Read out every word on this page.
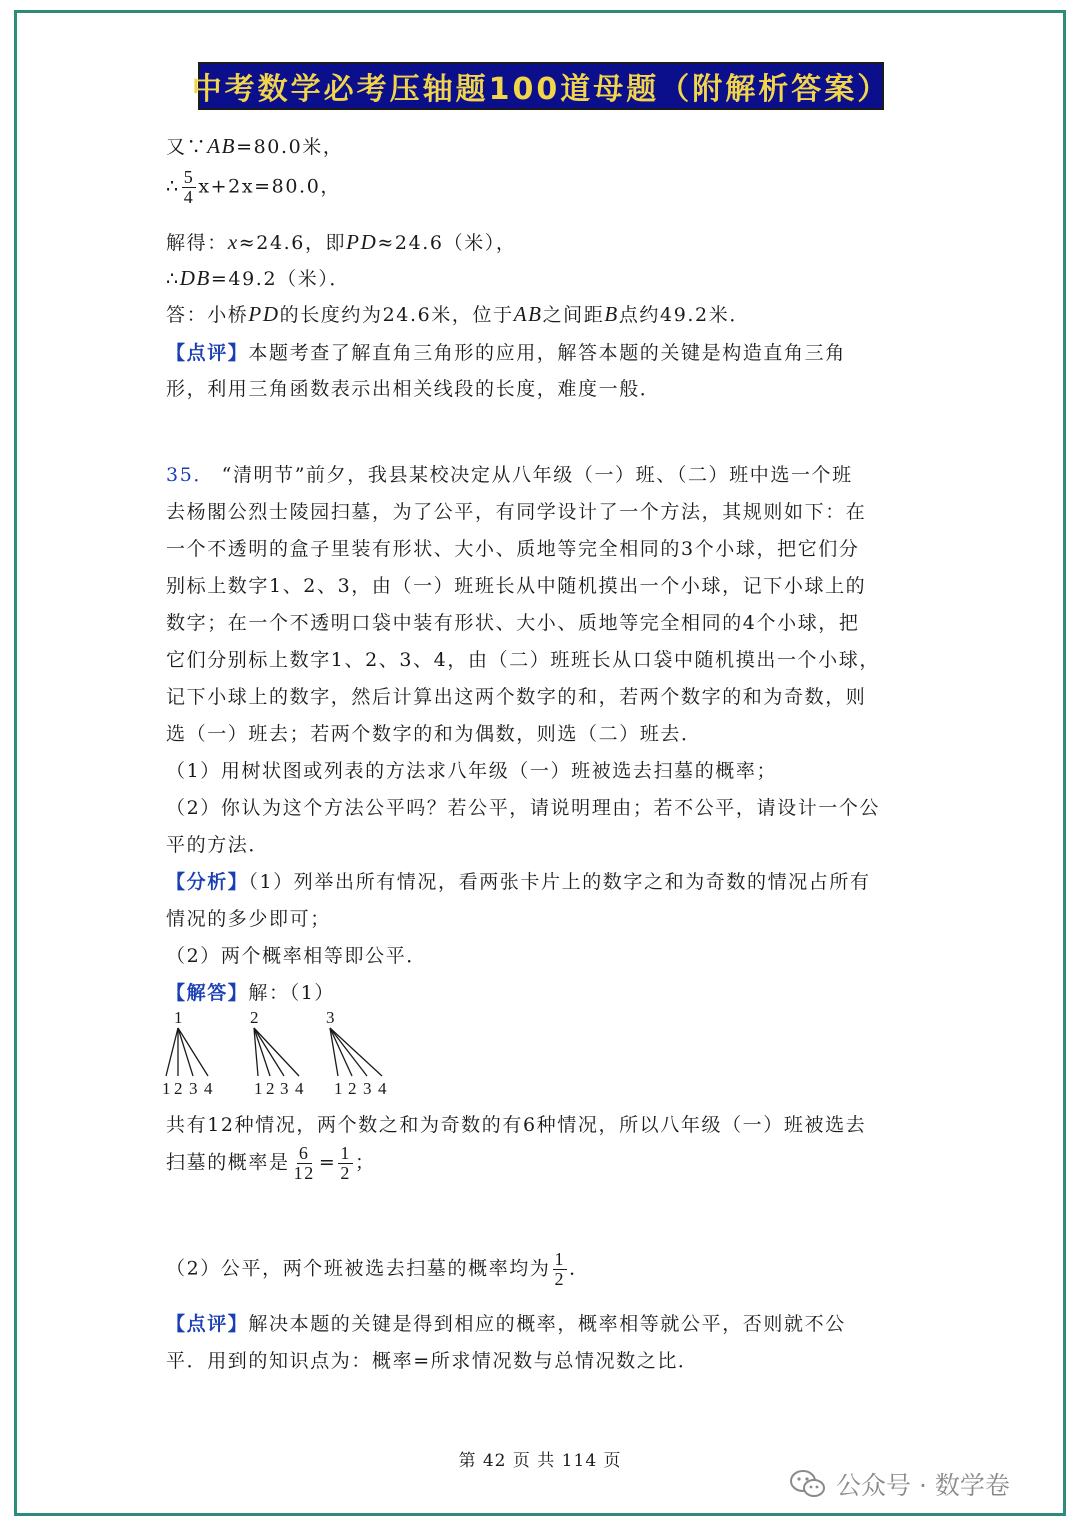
中考数学必考压轴题100道母题（附解析答案）
又∵AB=80.0米，
∴ $\frac{5}{4} x+2x=80.0$，
解得：x≈24.6，即PD≈24.6（米），
∴DB=49.2（米）．
答：小桥PD的长度约为24.6米，位于AB之间距B点约49.2米．
【点评】本题考查了解直角三角形的应用，解答本题的关键是构造直角三角
形，利用三角函数表示出相关线段的长度，难度一般．
35． “清明节”前夕，我县某校决定从八年级（一）班、（二）班中选一个班
去杨閣公烈士陵园扫墓，为了公平，有同学设计了一个方法，其规则如下：在
一个不透明的盒子里装有形状、大小、质地等完全相同的3个小球，把它们分
别标上数字1、2、3，由（一）班班长从中随机摸出一个小球，记下小球上的
数字；在一个不透明口袋中装有形状、大小、质地等完全相同的4个小球，把
它们分别标上数字1、2、3、4，由（二）班班长从口袋中随机摸出一个小球，
记下小球上的数字，然后计算出这两个数字的和，若两个数字的和为奇数，则
选（一）班去；若两个数字的和为偶数，则选（二）班去．
（1）用树状图或列表的方法求八年级（一）班被选去扫墓的概率；
（2）你认为这个方法公平吗？若公平，请说明理由；若不公平，请设计一个公
平的方法．
【分析】（1）列举出所有情况，看两张卡片上的数字之和为奇数的情况占所有
情况的多少即可；
（2）两个概率相等即公平．
【解答】解：（1）
1
1 2 3 4
2
1 2 3 4
3
1 2 3 4
共有12种情况，两个数之和为奇数的有6种情况，所以八年级（一）班被选去
扫墓的概率是 $\frac{6}{12} = \frac{1}{2}$ ；
（2）公平，两个班被选去扫墓的概率均为 $\frac{1}{2}$ ．
【点评】解决本题的关键是得到相应的概率，概率相等就公平，否则就不公
平．用到的知识点为：概率=所求情况数与总情况数之比．
第 42 页 共 114 页
公众号 · 数学卷
